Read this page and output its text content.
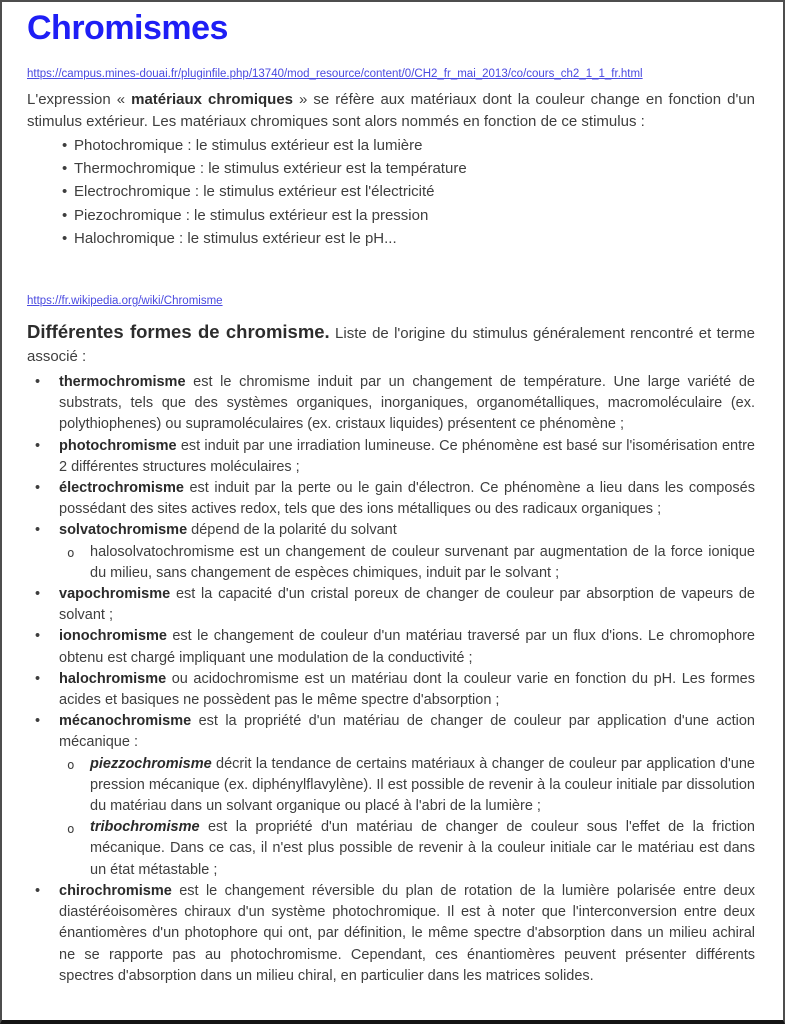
Chromismes
https://campus.mines-douai.fr/pluginfile.php/13740/mod_resource/content/0/CH2_fr_mai_2013/co/cours_ch2_1_1_fr.html

L'expression « matériaux chromiques » se réfère aux matériaux dont la couleur change en fonction d'un stimulus extérieur. Les matériaux chromiques sont alors nommés en fonction de ce stimulus :

• Photochromique : le stimulus extérieur est la lumière
• Thermochromique : le stimulus extérieur est la température
• Electrochromique : le stimulus extérieur est l'électricité
• Piezochromique : le stimulus extérieur est la pression
• Halochromique : le stimulus extérieur est le pH...
https://fr.wikipedia.org/wiki/Chromisme

Différentes formes de chromisme. Liste de l'origine du stimulus généralement rencontré et terme associé :

• thermochromisme est le chromisme induit par un changement de température. Une large variété de substrats, tels que des systèmes organiques, inorganiques, organométalliques, macromoléculaire (ex. polythiophenes) ou supramoléculaires (ex. cristaux liquides) présentent ce phénomène ;
• photochromisme est induit par une irradiation lumineuse. Ce phénomène est basé sur l'isomérisation entre 2 différentes structures moléculaires ;
• électrochromisme est induit par la perte ou le gain d'électron. Ce phénomène a lieu dans les composés possédant des sites actives redox, tels que des ions métalliques ou des radicaux organiques ;
• solvatochromisme dépend de la polarité du solvant
o halosolvatochromisme est un changement de couleur survenant par augmentation de la force ionique du milieu, sans changement de espèces chimiques, induit par le solvant ;
• vapochromisme est la capacité d'un cristal poreux de changer de couleur par absorption de vapeurs de solvant ;
• ionochromisme est le changement de couleur d'un matériau traversé par un flux d'ions. Le chromophore obtenu est chargé impliquant une modulation de la conductivité ;
• halochromisme ou acidochromisme est un matériau dont la couleur varie en fonction du pH. Les formes acides et basiques ne possèdent pas le même spectre d'absorption ;
• mécanochromisme est la propriété d'un matériau de changer de couleur par application d'une action mécanique :
o piezzochromisme décrit la tendance de certains matériaux à changer de couleur par application d'une pression mécanique (ex. diphénylflavylène). Il est possible de revenir à la couleur initiale par dissolution du matériau dans un solvant organique ou placé à l'abri de la lumière ;
o tribochromisme est la propriété d'un matériau de changer de couleur sous l'effet de la friction mécanique. Dans ce cas, il n'est plus possible de revenir à la couleur initiale car le matériau est dans un état métastable ;
• chirochromisme est le changement réversible du plan de rotation de la lumière polarisée entre deux diastéréoisomères chiraux d'un système photochromique. Il est à noter que l'interconversion entre deux énantiomères d'un photophore qui ont, par définition, le même spectre d'absorption dans un milieu achiral ne se rapporte pas au photochromisme. Cependant, ces énantiomères peuvent présenter différents spectres d'absorption dans un milieu chiral, en particulier dans les matrices solides.
